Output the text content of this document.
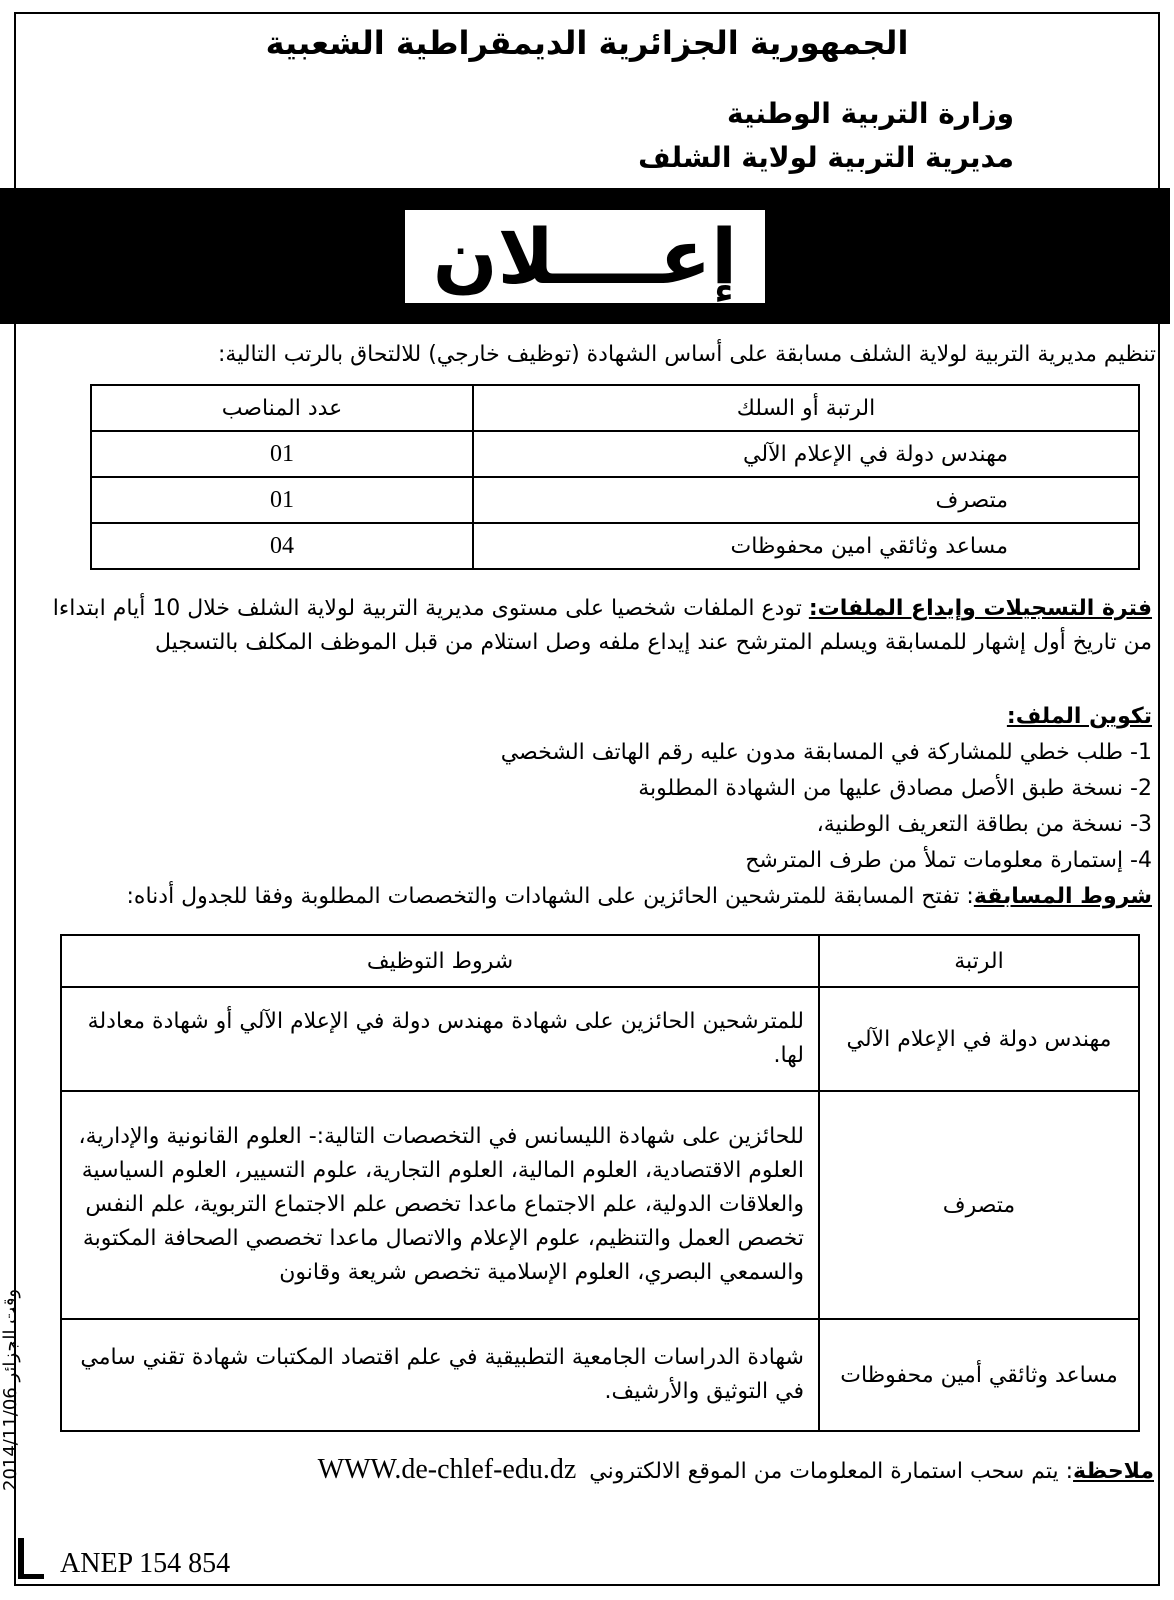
الجمهورية الجزائرية الديمقراطية الشعبية
وزارة التربية الوطنية
مديرية التربية لولاية الشلف
إعــــلان
تنظيم مديرية التربية لولاية الشلف مسابقة على أساس الشهادة (توظيف خارجي) للالتحاق بالرتب التالية:
الرتبة أو السلك	عدد المناصب
مهندس دولة في الإعلام الآلي	01
متصرف	01
مساعد وثائقي امين محفوظات	04
فترة التسجيلات وإيداع الملفات: تودع الملفات شخصيا على مستوى مديرية التربية لولاية الشلف خلال 10 أيام ابتداءا من تاريخ أول إشهار للمسابقة ويسلم المترشح عند إيداع ملفه وصل استلام من قبل الموظف المكلف بالتسجيل
تكوين الملف:
1- طلب خطي للمشاركة في المسابقة مدون عليه رقم الهاتف الشخصي
2- نسخة طبق الأصل مصادق عليها من الشهادة المطلوبة
3- نسخة من بطاقة التعريف الوطنية،
4- إستمارة معلومات تملأ من طرف المترشح
شروط المسابقة: تفتح المسابقة للمترشحين الحائزين على الشهادات والتخصصات المطلوبة وفقا للجدول أدناه:
الرتبة	شروط التوظيف
مهندس دولة في الإعلام الآلي	للمترشحين الحائزين على شهادة مهندس دولة في الإعلام الآلي أو شهادة معادلة لها.
متصرف	للحائزين على شهادة الليسانس في التخصصات التالية:- العلوم القانونية والإدارية، العلوم الاقتصادية، العلوم المالية، العلوم التجارية، علوم التسيير، العلوم السياسية والعلاقات الدولية، علم الاجتماع ماعدا تخصص علم الاجتماع التربوية، علم النفس تخصص العمل والتنظيم، علوم الإعلام والاتصال ماعدا تخصصي الصحافة المكتوبة والسمعي البصري، العلوم الإسلامية تخصص شريعة وقانون
مساعد وثائقي أمين محفوظات	شهادة الدراسات الجامعية التطبيقية في علم اقتصاد المكتبات شهادة تقني سامي في التوثيق والأرشيف.
ملاحظة: يتم سحب استمارة المعلومات من الموقع الالكتروني WWW.de-chlef-edu.dz
وقت الجزائر 2014/11/06
ANEP 154 854
